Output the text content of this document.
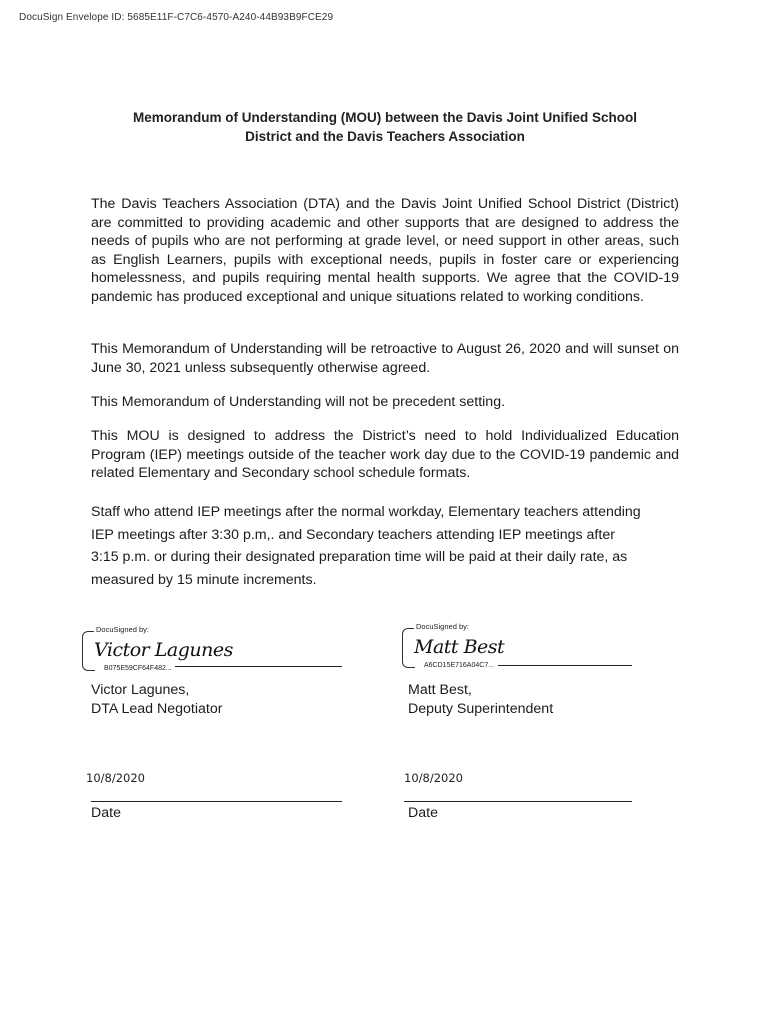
DocuSign Envelope ID: 5685E11F-C7C6-4570-A240-44B93B9FCE29
Memorandum of Understanding (MOU) between the Davis Joint Unified School
District and the Davis Teachers Association
The Davis Teachers Association (DTA) and the Davis Joint Unified School District (District) are committed to providing academic and other supports that are designed to address the needs of pupils who are not performing at grade level, or need support in other areas, such as English Learners, pupils with exceptional needs, pupils in foster care or experiencing homelessness, and pupils requiring mental health supports. We agree that the COVID-19 pandemic has produced exceptional and unique situations related to working conditions.
This Memorandum of Understanding will be retroactive to August 26, 2020 and will sunset on June 30, 2021 unless subsequently otherwise agreed.
This Memorandum of Understanding will not be precedent setting.
This MOU is designed to address the District’s need to hold Individualized Education Program (IEP) meetings outside of the teacher work day due to the COVID-19 pandemic and related Elementary and Secondary school schedule formats.
Staff who attend IEP meetings after the normal workday, Elementary teachers attending
IEP meetings after 3:30 p.m,. and Secondary teachers attending IEP meetings after
3:15 p.m. or during their designated preparation time will be paid at their daily rate, as
measured by 15 minute increments.
DocuSigned by:
Victor Lagunes
B075E59CF64F482...
Victor Lagunes,
DTA Lead Negotiator
DocuSigned by:
Matt Best
A6CD15E716A04C7...
Matt Best,
Deputy Superintendent
10/8/2020
Date
10/8/2020
Date
